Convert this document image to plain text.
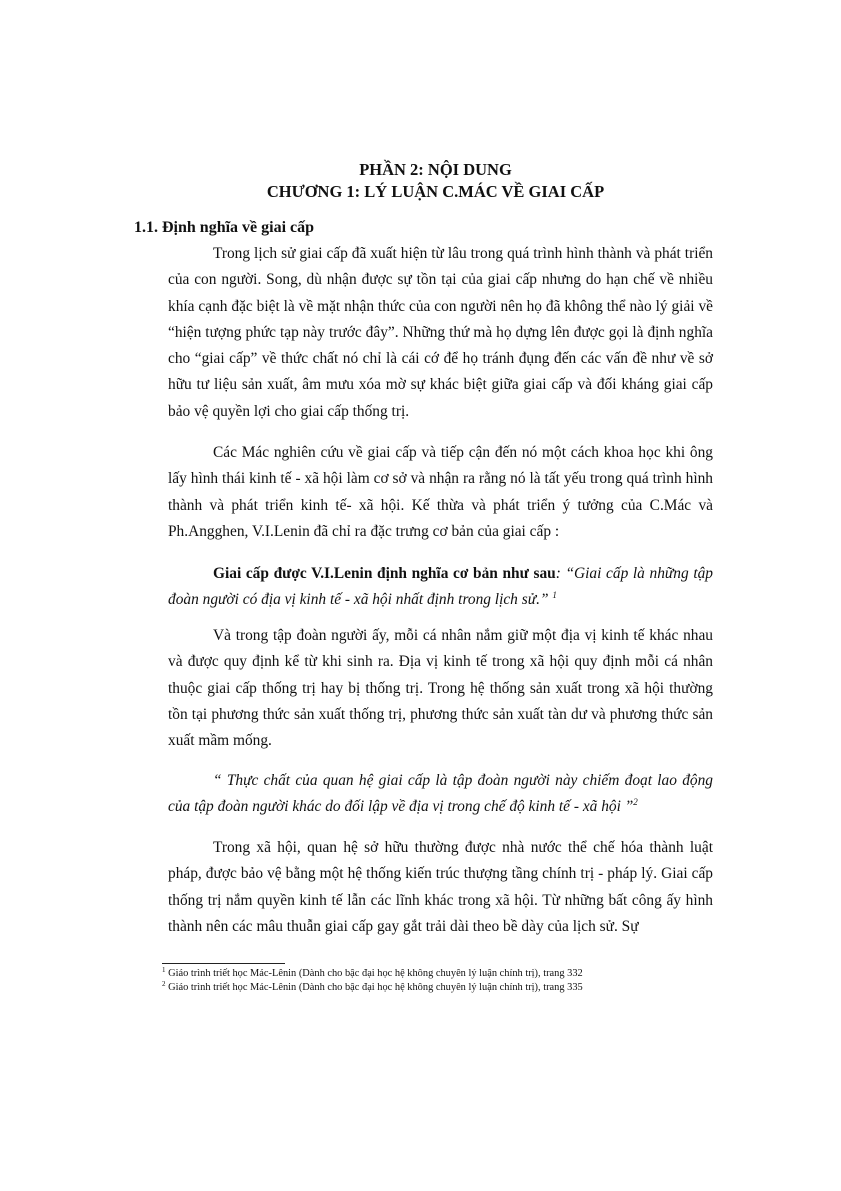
PHẦN 2: NỘI DUNG
CHƯƠNG 1: LÝ LUẬN C.MÁC VỀ GIAI CẤP
1.1. Định nghĩa về giai cấp

Trong lịch sử giai cấp đã xuất hiện từ lâu trong quá trình hình thành và phát triển của con người. Song, dù nhận được sự tồn tại của giai cấp nhưng do hạn chế về nhiều khía cạnh đặc biệt là về mặt nhận thức của con người nên họ đã không thể nào lý giải về “hiện tượng phức tạp này trước đây”. Những thứ mà họ dựng lên được gọi là định nghĩa cho “giai cấp” về thức chất nó chỉ là cái cớ để họ tránh đụng đến các vấn đề như về sở hữu tư liệu sản xuất, âm mưu xóa mờ sự khác biệt giữa giai cấp và đối kháng giai cấp bảo vệ quyền lợi cho giai cấp thống trị.

Các Mác nghiên cứu về giai cấp và tiếp cận đến nó một cách khoa học khi ông lấy hình thái kinh tế - xã hội làm cơ sở và nhận ra rằng nó là tất yếu trong quá trình hình thành và phát triển kinh tế- xã hội. Kế thừa và phát triển ý tưởng của C.Mác và Ph.Angghen, V.I.Lenin đã chỉ ra đặc trưng cơ bản của giai cấp :

Giai cấp được V.I.Lenin định nghĩa cơ bản như sau: “Giai cấp là những tập đoàn người có địa vị kinh tế - xã hội nhất định trong lịch sử.” $^1$

Và trong tập đoàn người ấy, mỗi cá nhân nắm giữ một địa vị kinh tế khác nhau và được quy định kể từ khi sinh ra. Địa vị kinh tế trong xã hội quy định mỗi cá nhân thuộc giai cấp thống trị hay bị thống trị. Trong hệ thống sản xuất trong xã hội thường tồn tại phương thức sản xuất thống trị, phương thức sản xuất tàn dư và phương thức sản xuất mầm mống.

“ Thực chất của quan hệ giai cấp là tập đoàn người này chiếm đoạt lao động của tập đoàn người khác do đối lập về địa vị trong chế độ kinh tế - xã hội ”$^2$

Trong xã hội, quan hệ sở hữu thường được nhà nước thể chế hóa thành luật pháp, được bảo vệ bằng một hệ thống kiến trúc thượng tầng chính trị - pháp lý. Giai cấp thống trị nắm quyền kinh tế lẫn các lĩnh khác trong xã hội. Từ những bất công ấy hình thành nên các mâu thuẫn giai cấp gay gắt trải dài theo bề dày của lịch sử. Sự

$^1$ Giáo trình triết học Mác-Lênin (Dành cho bậc đại học hệ không chuyên lý luận chính trị), trang 332
$^2$ Giáo trình triết học Mác-Lênin (Dành cho bậc đại học hệ không chuyên lý luận chính trị), trang 335
